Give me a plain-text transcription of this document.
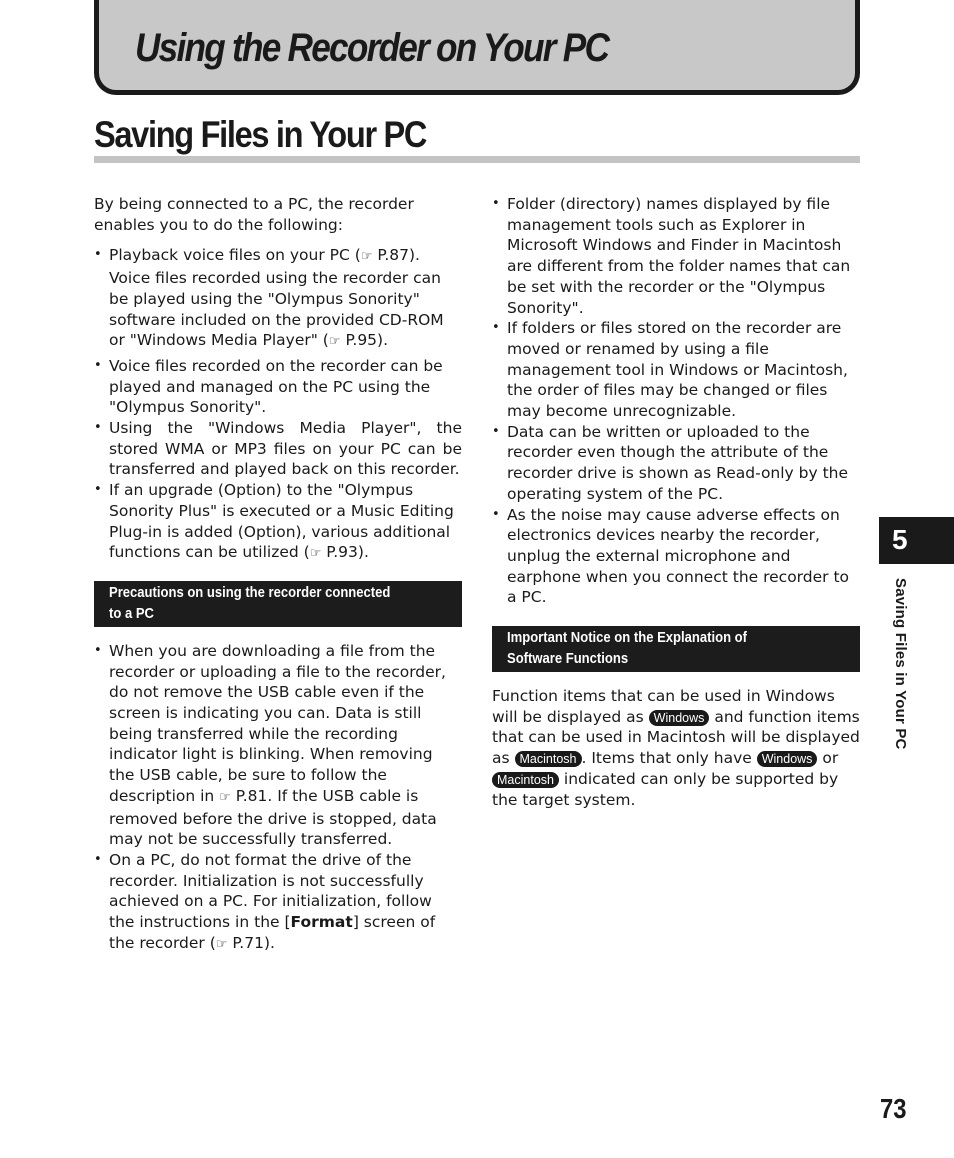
Using the Recorder on Your PC
Saving Files in Your PC

By being connected to a PC, the recorder enables you to do the following:

• Playback voice files on your PC (☞ P.87).
Voice files recorded using the recorder can be played using the "Olympus Sonority" software included on the provided CD-ROM or "Windows Media Player" (☞ P.95).
• Voice files recorded on the recorder can be played and managed on the PC using the "Olympus Sonority".
• Using the "Windows Media Player", the stored WMA or MP3 files on your PC can be transferred and played back on this recorder.
• If an upgrade (Option) to the "Olympus Sonority Plus" is executed or a Music Editing Plug-in is added (Option), various additional functions can be utilized (☞ P.93).
Precautions on using the recorder connected
to a PC
• When you are downloading a file from the recorder or uploading a file to the recorder, do not remove the USB cable even if the screen is indicating you can. Data is still being transferred while the recording indicator light is blinking. When removing the USB cable, be sure to follow the description in ☞ P.81. If the USB cable is removed before the drive is stopped, data may not be successfully transferred.
• On a PC, do not format the drive of the recorder. Initialization is not successfully achieved on a PC. For initialization, follow the instructions in the [Format] screen of the recorder (☞ P.71).
• Folder (directory) names displayed by file management tools such as Explorer in Microsoft Windows and Finder in Macintosh are different from the folder names that can be set with the recorder or the "Olympus Sonority".
• If folders or files stored on the recorder are moved or renamed by using a file management tool in Windows or Macintosh, the order of files may be changed or files may become unrecognizable.
• Data can be written or uploaded to the recorder even though the attribute of the recorder drive is shown as Read-only by the operating system of the PC.
• As the noise may cause adverse effects on electronics devices nearby the recorder, unplug the external microphone and earphone when you connect the recorder to a PC.
Important Notice on the Explanation of
Software Functions

Function items that can be used in Windows will be displayed as Windows and function items that can be used in Macintosh will be displayed as Macintosh . Items that only have Windows or Macintosh indicated can only be supported by the target system.

5
Saving Files in Your PC
73
